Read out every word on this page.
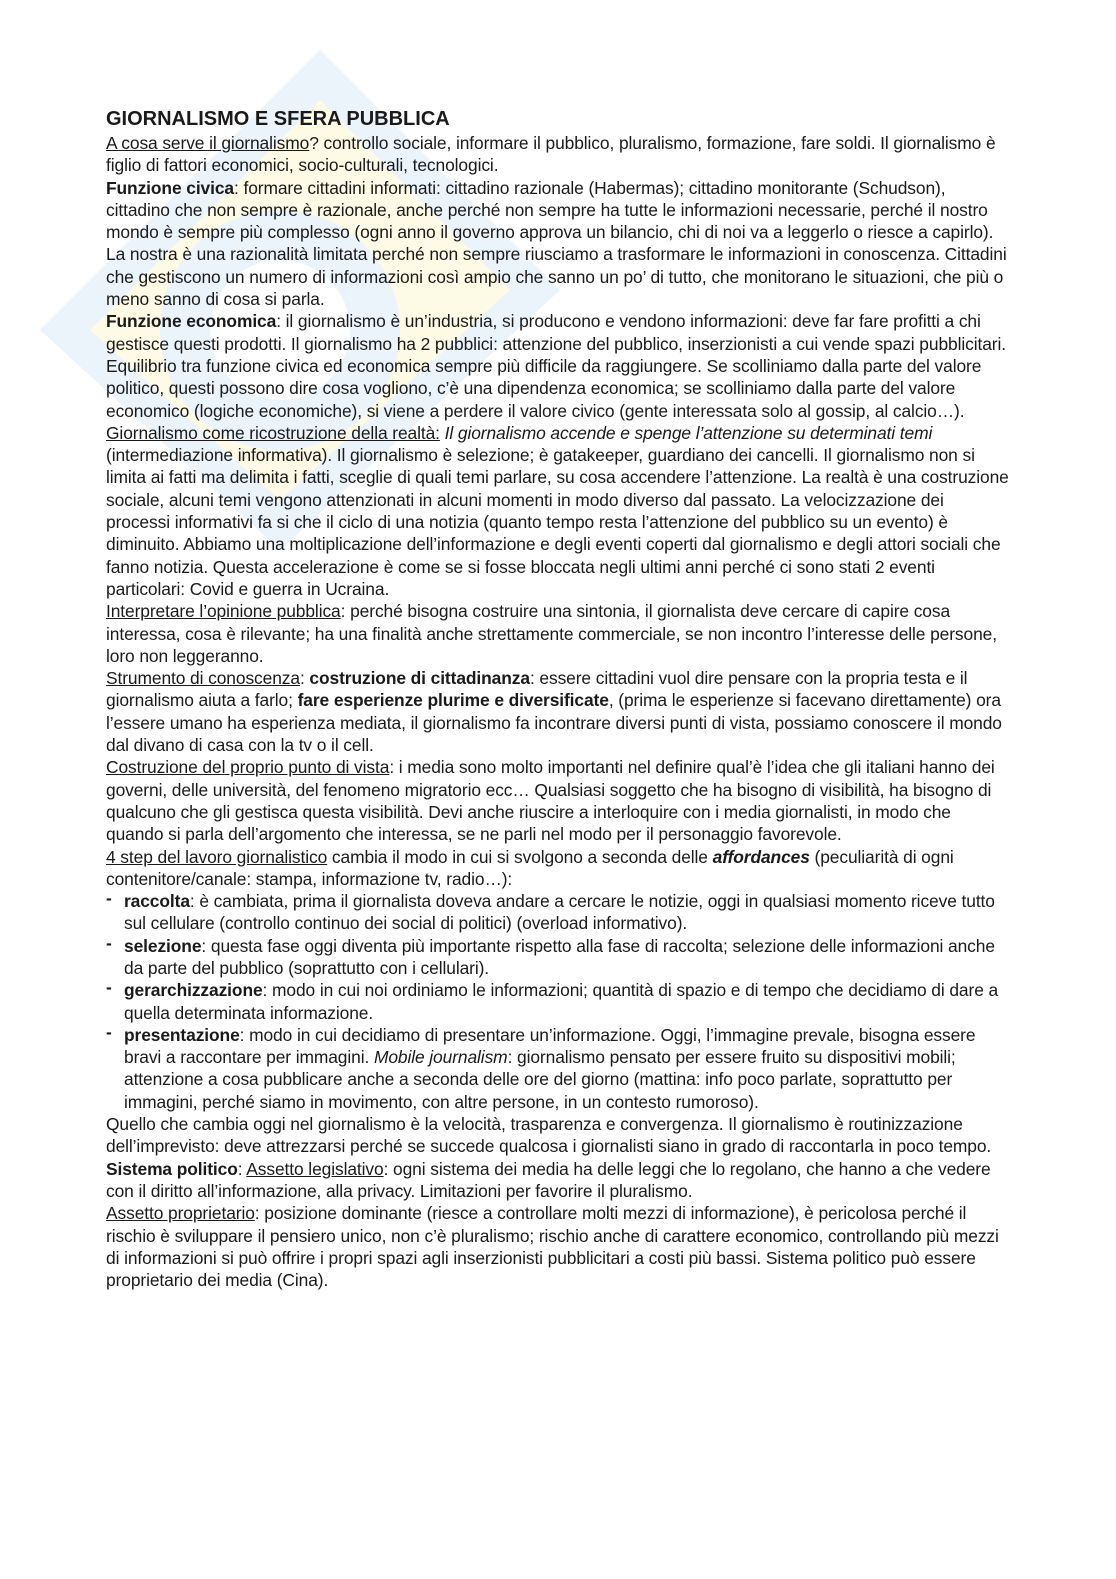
GIORNALISMO E SFERA PUBBLICA

A cosa serve il giornalismo? controllo sociale, informare il pubblico, pluralismo, formazione, fare soldi. Il giornalismo è figlio di fattori economici, socio-culturali, tecnologici.

Funzione civica: formare cittadini informati: cittadino razionale (Habermas); cittadino monitorante (Schudson), cittadino che non sempre è razionale, anche perché non sempre ha tutte le informazioni necessarie, perché il nostro mondo è sempre più complesso (ogni anno il governo approva un bilancio, chi di noi va a leggerlo o riesce a capirlo). La nostra è una razionalità limitata perché non sempre riusciamo a trasformare le informazioni in conoscenza. Cittadini che gestiscono un numero di informazioni così ampio che sanno un po’ di tutto, che monitorano le situazioni, che più o meno sanno di cosa si parla.

Funzione economica: il giornalismo è un’industria, si producono e vendono informazioni: deve far fare profitti a chi gestisce questi prodotti. Il giornalismo ha 2 pubblici: attenzione del pubblico, inserzionisti a cui vende spazi pubblicitari.

Equilibrio tra funzione civica ed economica sempre più difficile da raggiungere. Se scolliniamo dalla parte del valore politico, questi possono dire cosa vogliono, c’è una dipendenza economica; se scolliniamo dalla parte del valore economico (logiche economiche), si viene a perdere il valore civico (gente interessata solo al gossip, al calcio…).

Giornalismo come ricostruzione della realtà: Il giornalismo accende e spenge l’attenzione su determinati temi (intermediazione informativa). Il giornalismo è selezione; è gatakeeper, guardiano dei cancelli. Il giornalismo non si limita ai fatti ma delimita i fatti, sceglie di quali temi parlare, su cosa accendere l’attenzione. La realtà è una costruzione sociale, alcuni temi vengono attenzionati in alcuni momenti in modo diverso dal passato. La velocizzazione dei processi informativi fa si che il ciclo di una notizia (quanto tempo resta l’attenzione del pubblico su un evento) è diminuito. Abbiamo una moltiplicazione dell’informazione e degli eventi coperti dal giornalismo e degli attori sociali che fanno notizia. Questa accelerazione è come se si fosse bloccata negli ultimi anni perché ci sono stati 2 eventi particolari: Covid e guerra in Ucraina.

Interpretare l’opinione pubblica: perché bisogna costruire una sintonia, il giornalista deve cercare di capire cosa interessa, cosa è rilevante; ha una finalità anche strettamente commerciale, se non incontro l’interesse delle persone, loro non leggeranno.

Strumento di conoscenza: costruzione di cittadinanza: essere cittadini vuol dire pensare con la propria testa e il giornalismo aiuta a farlo; fare esperienze plurime e diversificate, (prima le esperienze si facevano direttamente) ora l’essere umano ha esperienza mediata, il giornalismo fa incontrare diversi punti di vista, possiamo conoscere il mondo dal divano di casa con la tv o il cell.

Costruzione del proprio punto di vista: i media sono molto importanti nel definire qual’è l’idea che gli italiani hanno dei governi, delle università, del fenomeno migratorio ecc… Qualsiasi soggetto che ha bisogno di visibilità, ha bisogno di qualcuno che gli gestisca questa visibilità. Devi anche riuscire a interloquire con i media giornalisti, in modo che quando si parla dell’argomento che interessa, se ne parli nel modo per il personaggio favorevole.

4 step del lavoro giornalistico cambia il modo in cui si svolgono a seconda delle affordances (peculiarità di ogni contenitore/canale: stampa, informazione tv, radio…):

- raccolta: è cambiata, prima il giornalista doveva andare a cercare le notizie, oggi in qualsiasi momento riceve tutto sul cellulare (controllo continuo dei social di politici) (overload informativo).
- selezione: questa fase oggi diventa più importante rispetto alla fase di raccolta; selezione delle informazioni anche da parte del pubblico (soprattutto con i cellulari).
- gerarchizzazione: modo in cui noi ordiniamo le informazioni; quantità di spazio e di tempo che decidiamo di dare a quella determinata informazione.
- presentazione: modo in cui decidiamo di presentare un’informazione. Oggi, l’immagine prevale, bisogna essere bravi a raccontare per immagini. Mobile journalism: giornalismo pensato per essere fruito su dispositivi mobili; attenzione a cosa pubblicare anche a seconda delle ore del giorno (mattina: info poco parlate, soprattutto per immagini, perché siamo in movimento, con altre persone, in un contesto rumoroso).

Quello che cambia oggi nel giornalismo è la velocità, trasparenza e convergenza. Il giornalismo è routinizzazione dell’imprevisto: deve attrezzarsi perché se succede qualcosa i giornalisti siano in grado di raccontarla in poco tempo.

Sistema politico: Assetto legislativo: ogni sistema dei media ha delle leggi che lo regolano, che hanno a che vedere con il diritto all’informazione, alla privacy. Limitazioni per favorire il pluralismo.

Assetto proprietario: posizione dominante (riesce a controllare molti mezzi di informazione), è pericolosa perché il rischio è sviluppare il pensiero unico, non c’è pluralismo; rischio anche di carattere economico, controllando più mezzi di informazioni si può offrire i propri spazi agli inserzionisti pubblicitari a costi più bassi. Sistema politico può essere proprietario dei media (Cina).
